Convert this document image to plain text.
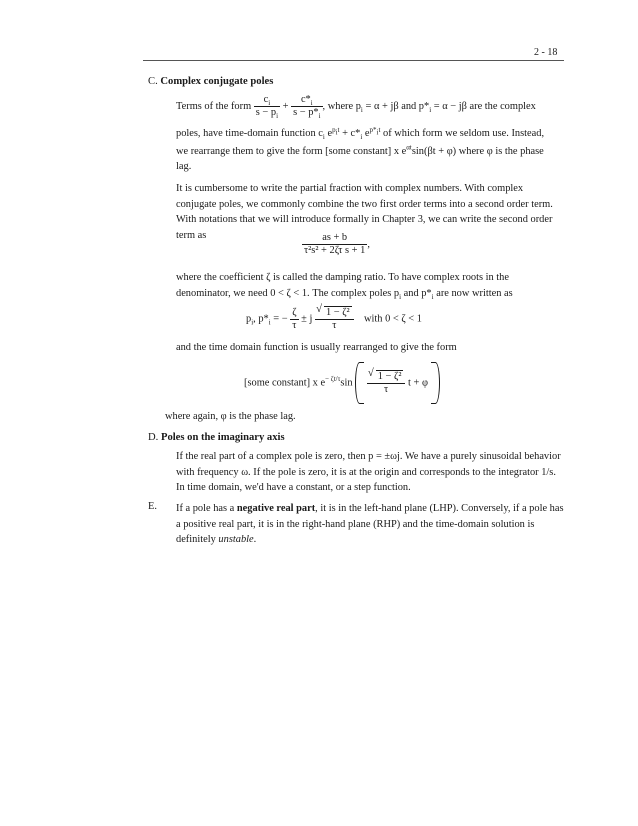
2 - 18
C. Complex conjugate poles
Terms of the form $\frac{c_i}{s - p_i} + \frac{c*_i}{s - p*_i}$ , where $p_i = \alpha + j\beta$ and $p*_i = \alpha - j\beta$ are the complex
poles, have time-domain function $c_i$ $e^{p_it} + c*_i$ $e^{p*_it}$ of which form we seldom use. Instead,
we rearrange them to give the form [some constant] x $e^{\alpha t}\sin(\beta t + \varphi)$ where φ is the phase
lag.
It is cumbersome to write the partial fraction with complex numbers. With complex conjugate poles, we commonly combine the two first order terms into a second order term. With notations that we will introduce formally in Chapter 3, we can write the second order term as	$\frac{as + b}{\text{τ²s² + 2ζτ s + 1}}$ ,
where the coefficient ζ is called the damping ratio. To have complex roots in the denominator, we need 0 < ζ < 1. The complex poles $p_i$ and $p*_i$ are now written as
$p_i$, $p*_i$ = − $\frac{\zeta}{\tau} \pm j$ √ $\frac{\text{1 − ζ²}}{\tau}$ with 0 < ζ < 1
and the time domain function is usually rearranged to give the form
[some constant] x $e^{- \zeta t/\tau}\sin$ √ $\frac{\text{1 − ζ²}}{\tau}$ t + φ
where again, φ is the phase lag.
D. Poles on the imaginary axis
If the real part of a complex pole is zero, then p = ±ωj. We have a purely sinusoidal behavior with frequency ω. If the pole is zero, it is at the origin and corresponds to the integrator 1/s. In time domain, we'd have a constant, or a step function.
E. If a pole has a negative real part, it is in the left-hand plane (LHP). Conversely, if a pole has a positive real part, it is in the right-hand plane (RHP) and the time-domain solution is definitely unstable.
